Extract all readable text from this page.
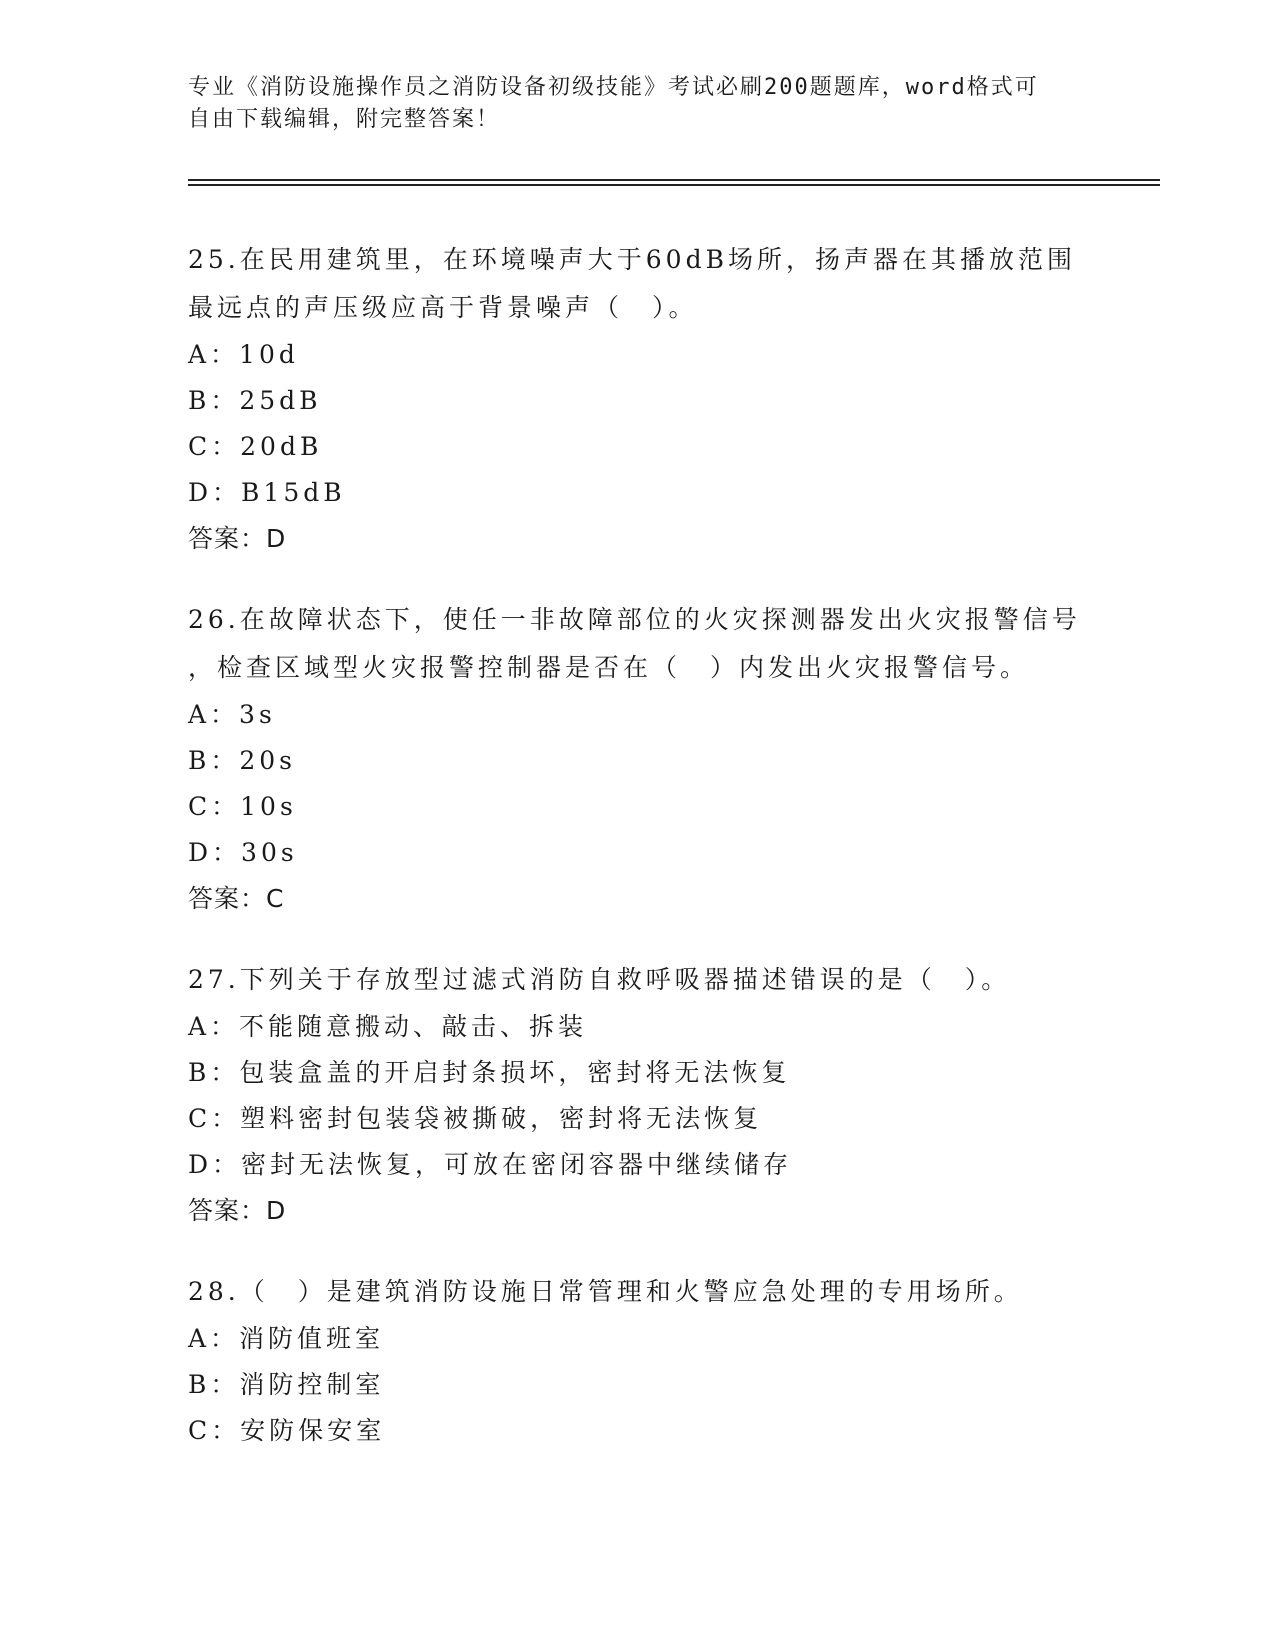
专业《消防设施操作员之消防设备初级技能》考试必刷200题题库，word格式可
自由下载编辑，附完整答案！
25.在民用建筑里，在环境噪声大于60dB场所，扬声器在其播放范围
最远点的声压级应高于背景噪声（　）。
A：10d
B：25dB
C：20dB
D：B15dB
答案：D
26.在故障状态下，使任一非故障部位的火灾探测器发出火灾报警信号
，检查区域型火灾报警控制器是否在（　）内发出火灾报警信号。
A：3s
B：20s
C：10s
D：30s
答案：C
27.下列关于存放型过滤式消防自救呼吸器描述错误的是（　）。
A：不能随意搬动、敲击、拆装
B：包装盒盖的开启封条损坏，密封将无法恢复
C：塑料密封包装袋被撕破，密封将无法恢复
D：密封无法恢复，可放在密闭容器中继续储存
答案：D
28.（　）是建筑消防设施日常管理和火警应急处理的专用场所。
A：消防值班室
B：消防控制室
C：安防保安室
